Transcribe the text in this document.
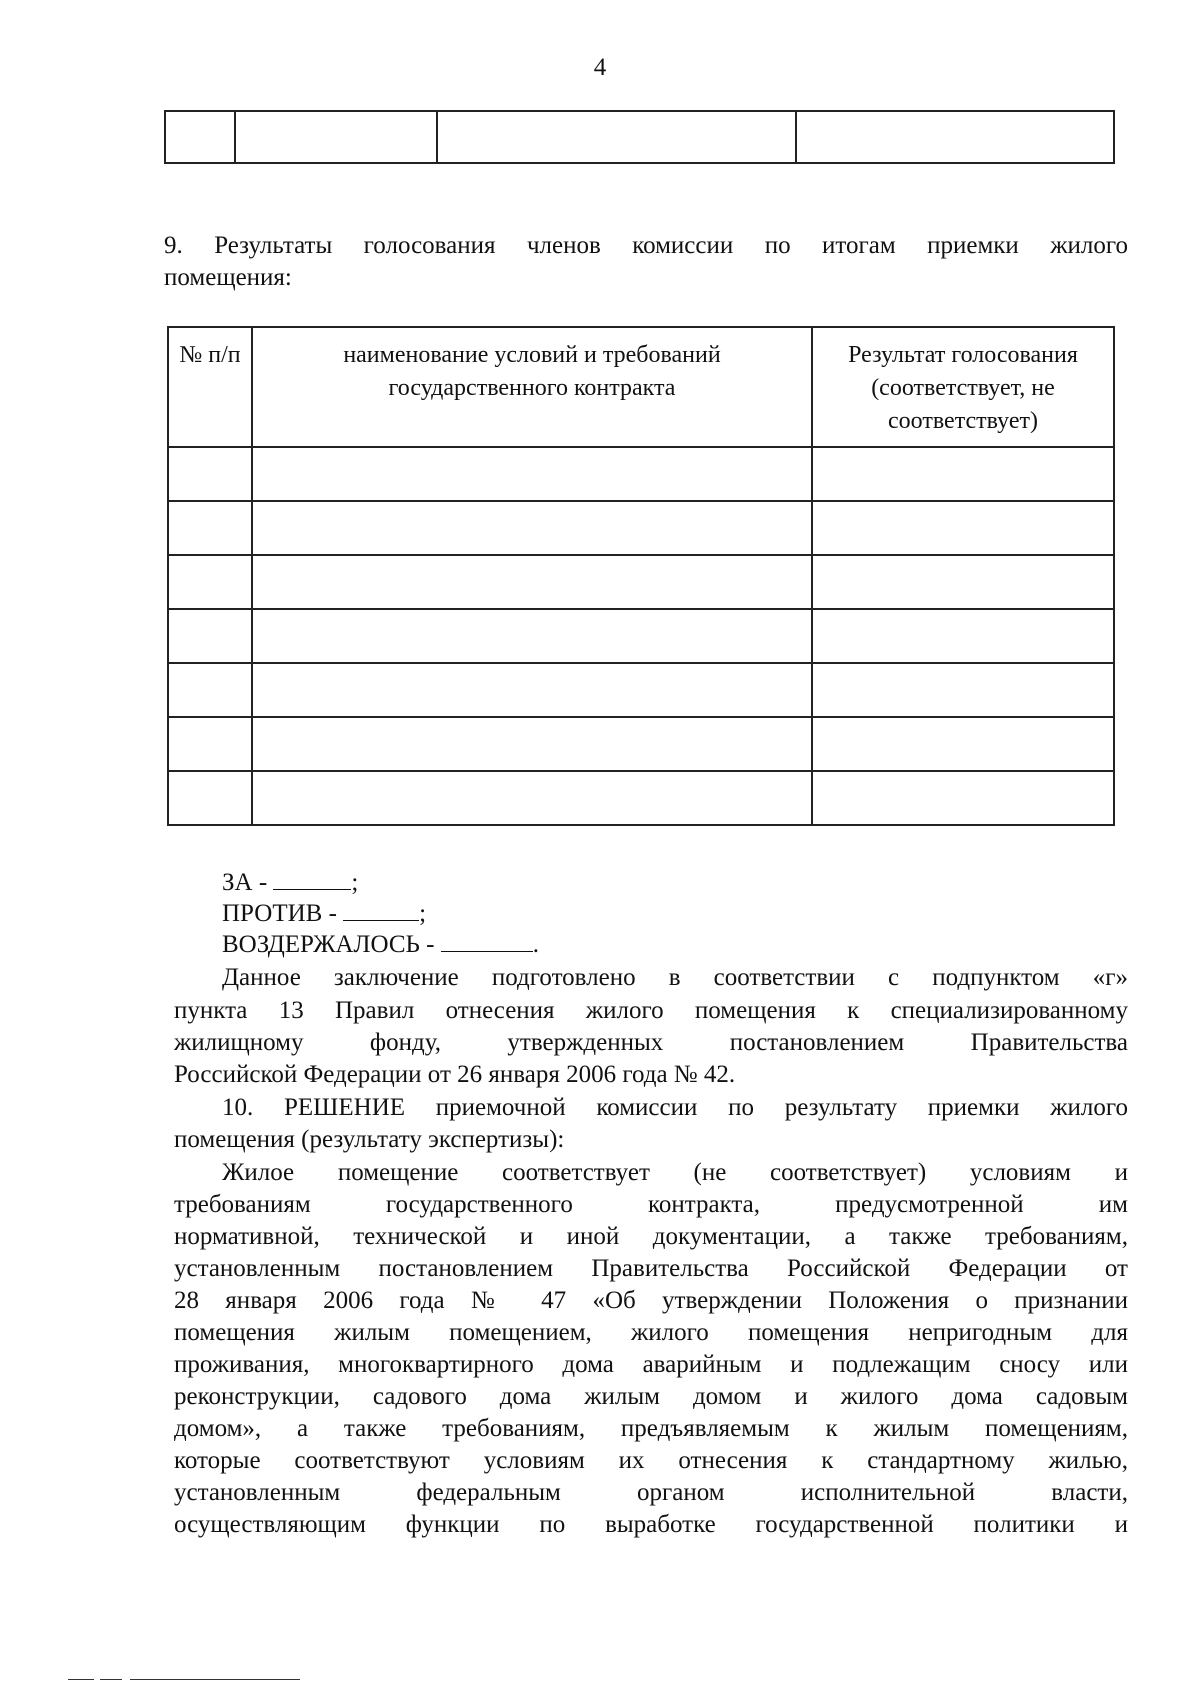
4

9. Результаты голосования членов комиссии по итогам приемки жилого
помещения:
№ п/п	наименование условий и требований государственного контракта	Результат голосования (соответствует, не соответствует)

ЗА -	;
ПРОТИВ -	;
ВОЗДЕРЖАЛОСЬ -	.
Данное заключение подготовлено в соответствии с подпунктом «г»
пункта 13 Правил отнесения жилого помещения к специализированному
жилищному фонду, утвержденных постановлением Правительства
Российской Федерации от 26 января 2006 года № 42.
10. РЕШЕНИЕ приемочной комиссии по результату приемки жилого
помещения (результату экспертизы):
Жилое помещение соответствует (не соответствует) условиям и
требованиям государственного контракта, предусмотренной им
нормативной, технической и иной документации, а также требованиям,
установленным постановлением Правительства Российской Федерации от
28 января 2006 года № 47 «Об утверждении Положения о признании
помещения жилым помещением, жилого помещения непригодным для
проживания, многоквартирного дома аварийным и подлежащим сносу или
реконструкции, садового дома жилым домом и жилого дома садовым
домом», а также требованиям, предъявляемым к жилым помещениям,
которые соответствуют условиям их отнесения к стандартному жилью,
установленным федеральным органом исполнительной власти,
осуществляющим функции по выработке государственной политики и
